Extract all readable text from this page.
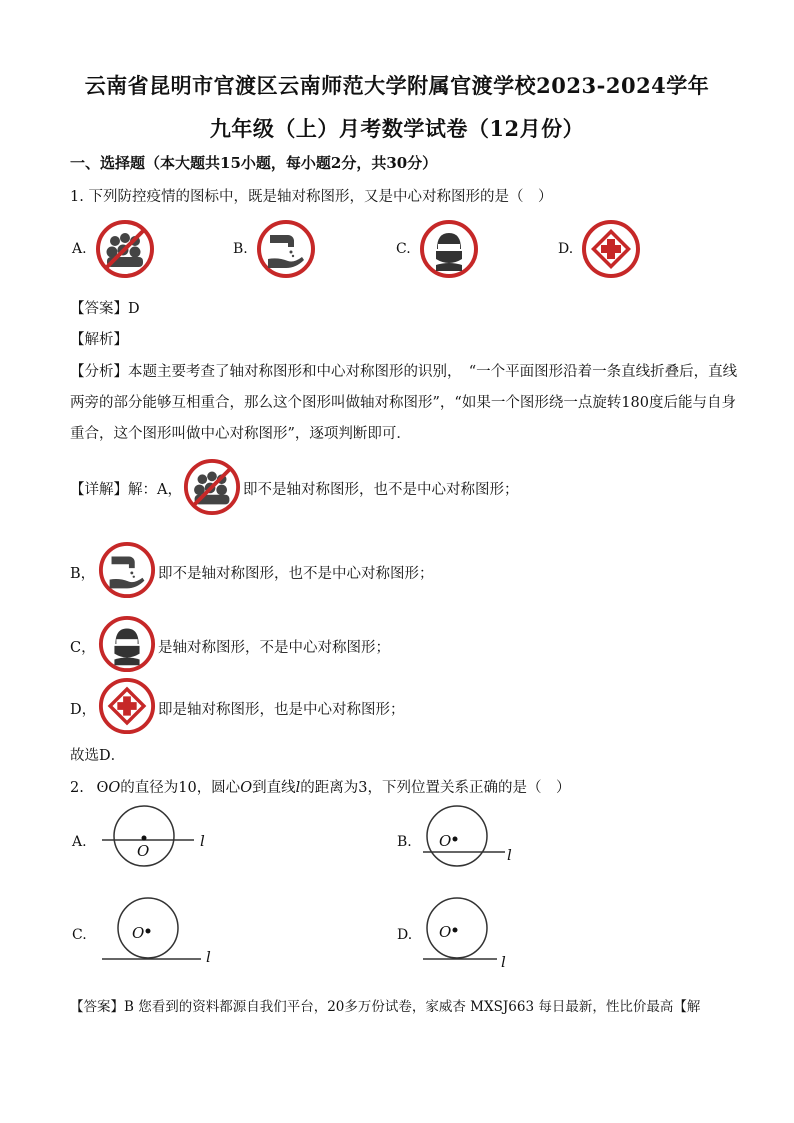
云南省昆明市官渡区云南师范大学附属官渡学校2023-2024学年
九年级（上）月考数学试卷（12月份）
一、选择题（本大题共15小题，每小题2分，共30分）
1. 下列防控疫情的图标中，既是轴对称图形，又是中心对称图形的是（　）
A.	B.	C.	D.
【答案】D
【解析】
【分析】本题主要考查了轴对称图形和中心对称图形的识别，　“一个平面图形沿着一条直线折叠后，直线
两旁的部分能够互相重合，那么这个图形叫做轴对称图形”，“如果一个图形绕一点旋转180度后能与自身
重合，这个图形叫做中心对称图形”，逐项判断即可．
【详解】解：A，	即不是轴对称图形，也不是中心对称图形；
B，	即不是轴对称图形，也不是中心对称图形；
C，	是轴对称图形，不是中心对称图形；
D，	即是轴对称图形，也是中心对称图形；
故选D．
2. ʘO的直径为10，圆心O到直线l的距离为3，下列位置关系正确的是（　）
A.	O
l	B. O
l
C.	O
l
D. O
l
【答案】B 您看到的资料都源自我们平台，20多万份试卷，家威杏 MXSJ663 每日最新，性比价最高【解
